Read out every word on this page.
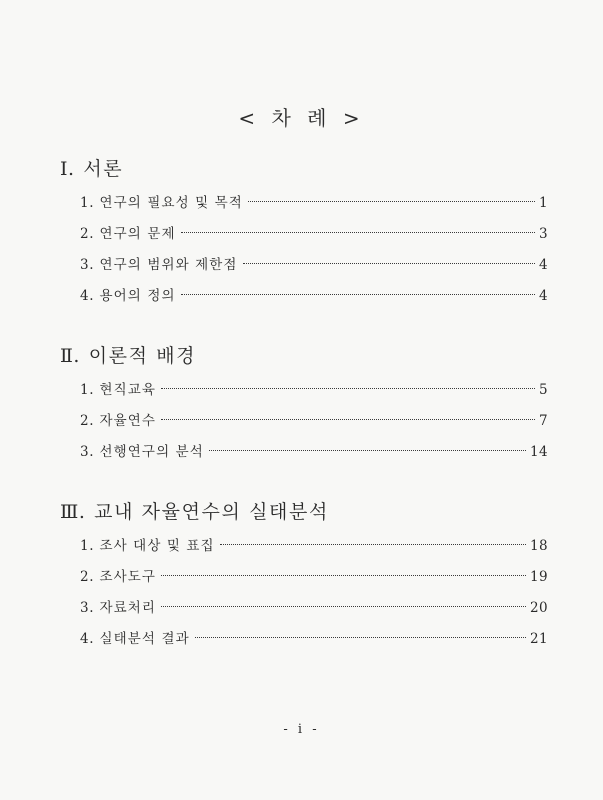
< 차 례 >
Ⅰ. 서론
1. 연구의 필요성 및 목적	1
2. 연구의 문제	3
3. 연구의 범위와 제한점	4
4. 용어의 정의	4
Ⅱ. 이론적 배경
1. 현직교육	5
2. 자율연수	7
3. 선행연구의 분석	14
Ⅲ. 교내 자율연수의 실태분석
1. 조사 대상 및 표집	18
2. 조사도구	19
3. 자료처리	20
4. 실태분석 결과	21
- i -
